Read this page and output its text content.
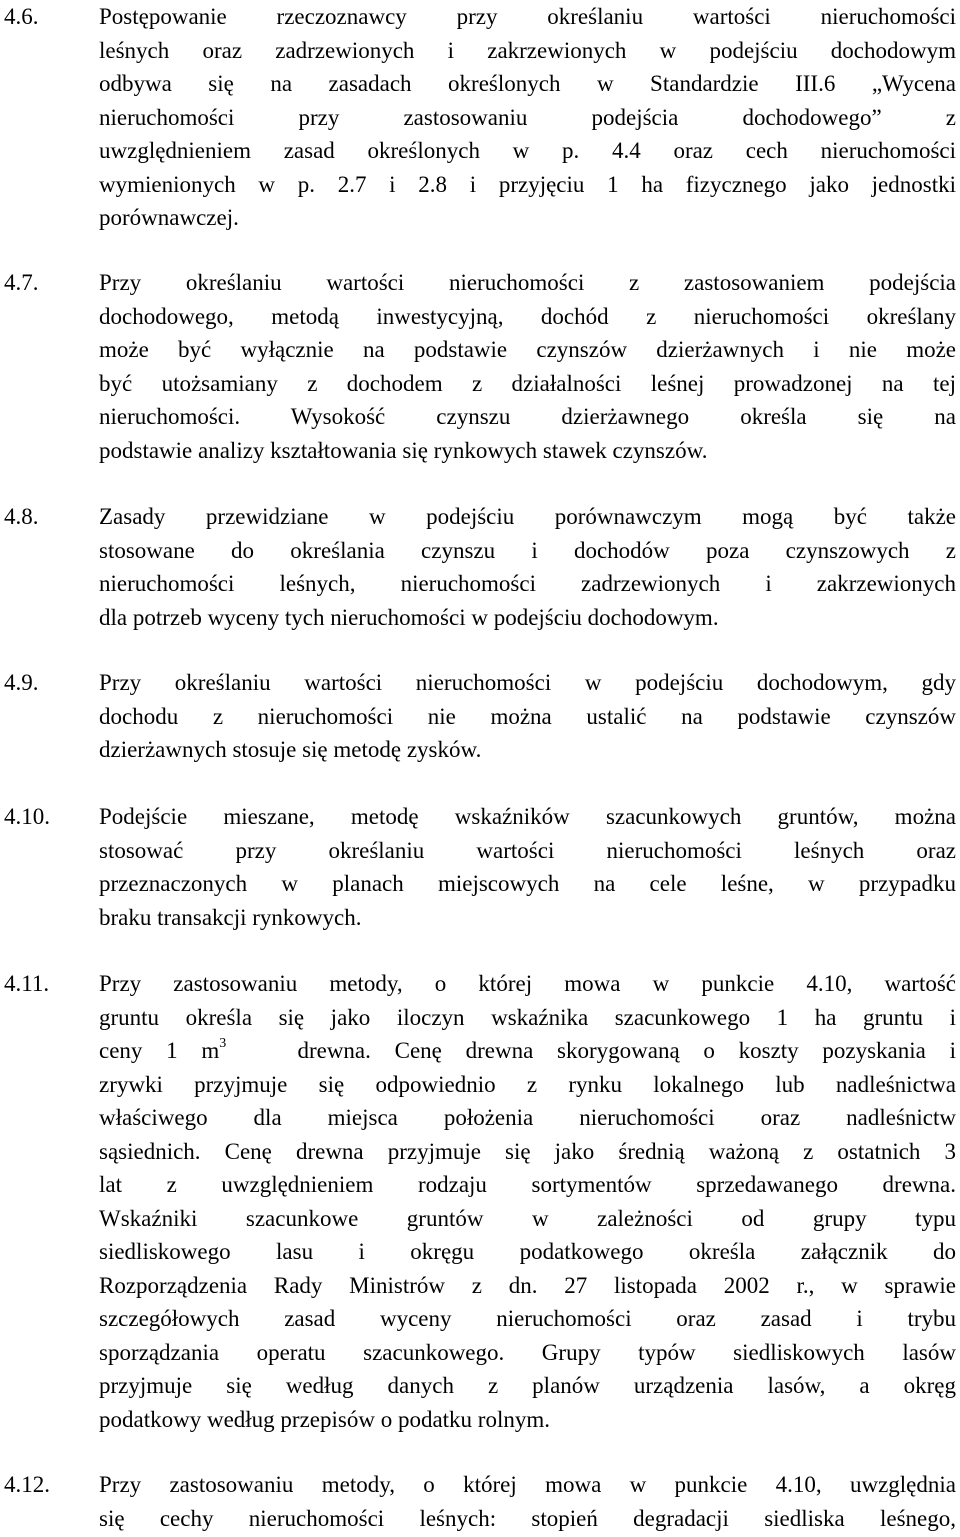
4.6.	Postępowanie rzeczoznawcy przy określaniu wartości nieruchomości
leśnych oraz zadrzewionych i zakrzewionych w podejściu dochodowym
odbywa się na zasadach określonych w Standardzie III.6 „Wycena
nieruchomości przy zastosowaniu podejścia dochodowego” z
uwzględnieniem zasad określonych w p. 4.4 oraz cech nieruchomości
wymienionych w p. 2.7 i 2.8 i przyjęciu 1 ha fizycznego jako jednostki
porównawczej.
4.7.	Przy określaniu wartości nieruchomości z zastosowaniem podejścia
dochodowego, metodą inwestycyjną, dochód z nieruchomości określany
może być wyłącznie na podstawie czynszów dzierżawnych i nie może
być utożsamiany z dochodem z działalności leśnej prowadzonej na tej
nieruchomości. Wysokość czynszu dzierżawnego określa się na
podstawie analizy kształtowania się rynkowych stawek czynszów.
4.8.	Zasady przewidziane w podejściu porównawczym mogą być także
stosowane do określania czynszu i dochodów poza czynszowych z
nieruchomości leśnych, nieruchomości zadrzewionych i zakrzewionych
dla potrzeb wyceny tych nieruchomości w podejściu dochodowym.
4.9.	Przy określaniu wartości nieruchomości w podejściu dochodowym, gdy
dochodu z nieruchomości nie można ustalić na podstawie czynszów
dzierżawnych stosuje się metodę zysków.
4.10. Podejście mieszane, metodę wskaźników szacunkowych gruntów, można
stosować przy określaniu wartości nieruchomości leśnych oraz
przeznaczonych w planach miejscowych na cele leśne, w przypadku
braku transakcji rynkowych.
4.11. Przy zastosowaniu metody, o której mowa w punkcie 4.10, wartość
gruntu określa się jako iloczyn wskaźnika szacunkowego 1 ha gruntu i
ceny 1 $m^3$	drewna. Cenę drewna skorygowaną o koszty pozyskania i
zrywki przyjmuje się odpowiednio z rynku lokalnego lub nadleśnictwa
właściwego dla miejsca położenia nieruchomości oraz nadleśnictw
sąsiednich. Cenę drewna przyjmuje się jako średnią ważoną z ostatnich 3
lat z uwzględnieniem rodzaju sortymentów sprzedawanego drewna.
Wskaźniki szacunkowe gruntów w zależności od grupy typu
siedliskowego lasu i okręgu podatkowego określa załącznik do
Rozporządzenia Rady Ministrów z dn. 27 listopada 2002 r., w sprawie
szczegółowych zasad wyceny nieruchomości oraz zasad i trybu
sporządzania operatu szacunkowego. Grupy typów siedliskowych lasów
przyjmuje się według danych z planów urządzenia lasów, a okręg
podatkowy według przepisów o podatku rolnym.
4.12. Przy zastosowaniu metody, o której mowa w punkcie 4.10, uwzględnia
się cechy nieruchomości leśnych: stopień degradacji siedliska leśnego,
